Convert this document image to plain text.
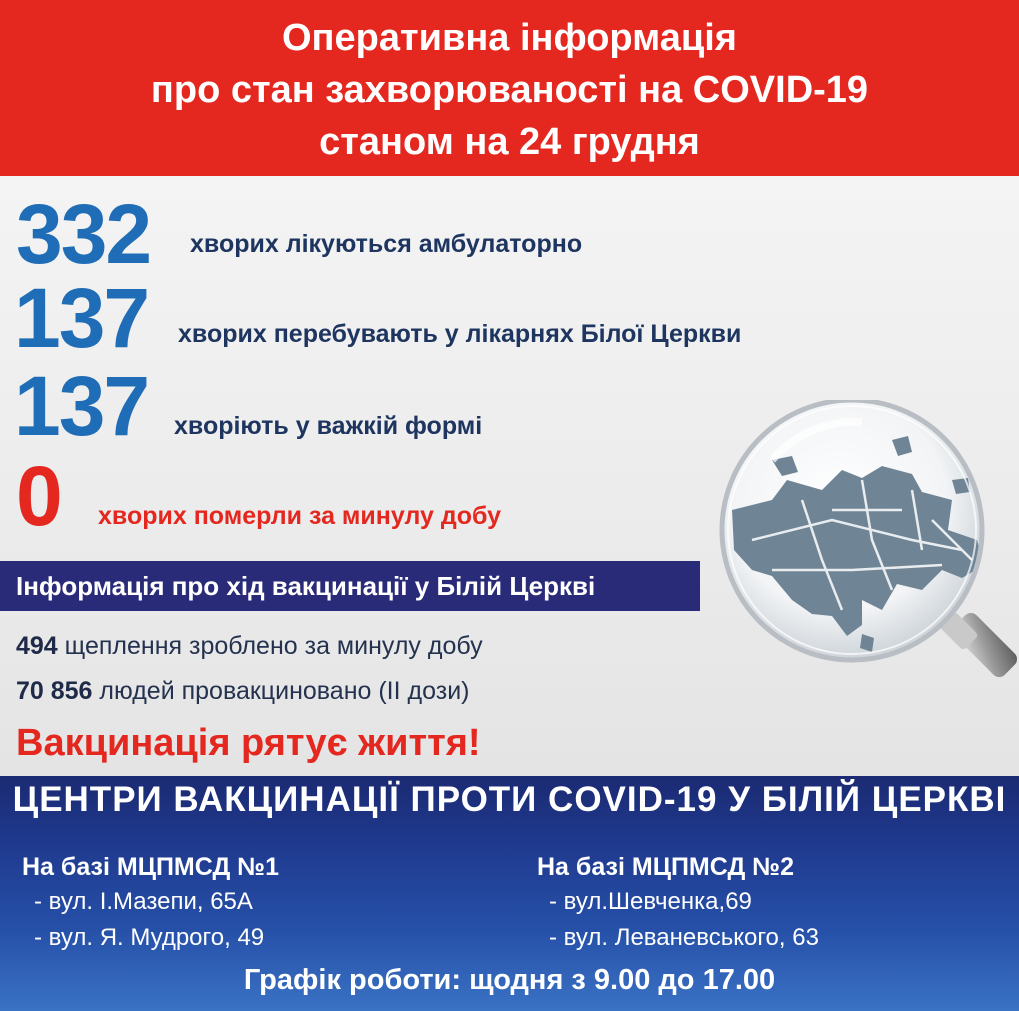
Оперативна інформація
про стан захворюваності на COVID-19
станом на 24 грудня
332 хворих лікуються амбулаторно
137 хворих перебувають у лікарнях Білої Церкви
137 хворіють у важкій формі
0 хворих померли за минулу добу
Інформація про хід вакцинації у Білій Церкві
494 щеплення зроблено за минулу добу
70 856 людей провакциновано (II дози)
Вакцинація рятує життя!
ЦЕНТРИ ВАКЦИНАЦІЇ ПРОТИ COVID-19 У БІЛІЙ ЦЕРКВІ
На базі МЦПМСД №1
- вул. І.Мазепи, 65А
- вул. Я. Мудрого, 49
На базі МЦПМСД №2
- вул.Шевченка,69
- вул. Леваневського, 63
Графік роботи: щодня з 9.00 до 17.00
